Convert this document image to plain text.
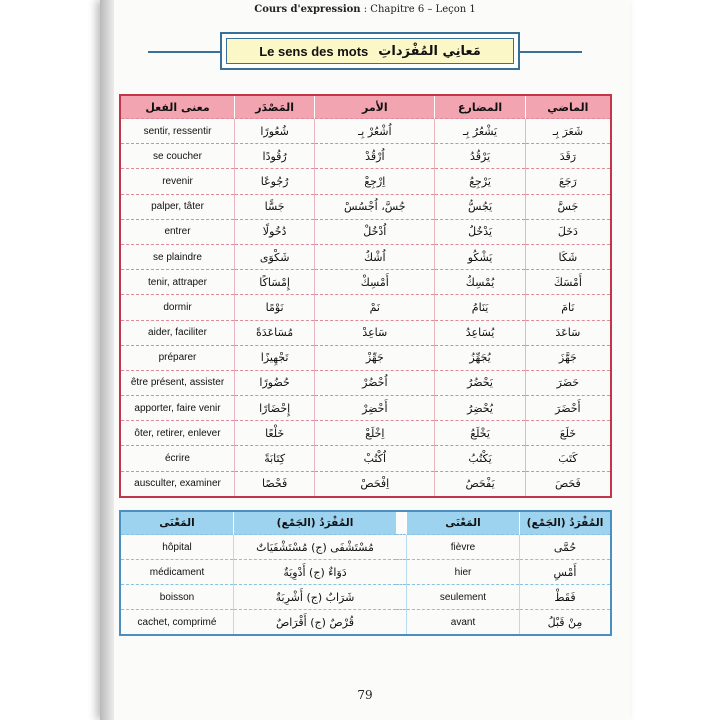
Cours d'expression : Chapitre 6 – Leçon 1
Le sens des mots مَعانِي المُفْرَداتِ
معنى الفعل	المَصْدَر	الأمر	المضارع	الماضي
sentir, ressentir	شُعُورًا	اُشْعُرْ بِـ	يَشْعُرُ بِـ	شَعَرَ بِـ
se coucher	رُقُودًا	اُرْقُدْ	يَرْقُدُ	رَقَدَ
revenir	رُجُوعًا	اِرْجِعْ	يَرْجِعُ	رَجَعَ
palper, tâter	جَسًّا	جُسَّ، اُجْسُسْ	يَجُسُّ	جَسَّ
entrer	دُخُولًا	اُدْخُلْ	يَدْخُلُ	دَخَلَ
se plaindre	شَكْوَى	اُشْكُ	يَشْكُو	شَكَا
tenir, attraper	إِمْسَاكًا	أَمْسِكْ	يُمْسِكُ	أَمْسَكَ
dormir	نَوْمًا	نَمْ	يَنَامُ	نَامَ
aider, faciliter	مُسَاعَدَةً	سَاعِدْ	يُسَاعِدُ	سَاعَدَ
préparer	تَجْهِيزًا	جَهِّزْ	يُجَهِّزُ	جَهَّزَ
être présent, assister	حُضُورًا	اُحْضُرْ	يَحْضُرُ	حَضَرَ
apporter, faire venir	إِحْضَارًا	أَحْضِرْ	يُحْضِرُ	أَحْضَرَ
ôter, retirer, enlever	خَلْعًا	اِخْلَعْ	يَخْلَعُ	خَلَعَ
écrire	كِتَابَةً	اُكْتُبْ	يَكْتُبُ	كَتَبَ
ausculter, examiner	فَحْصًا	اِفْحَصْ	يَفْحَصُ	فَحَصَ
المَعْنَى	المُفْرَدُ (الجَمْع)		المَعْنَى	المُفْرَدُ (الجَمْع)
hôpital	مُسْتَشْفَى (ج) مُسْتَشْفَيَاتٌ		fièvre	حُمَّى
médicament	دَوَاءٌ (ج) أَدْوِيَةٌ		hier	أَمْسِ
boisson	شَرَابٌ (ج) أَشْرِبَةٌ		seulement	فَقَطْ
cachet, comprimé	قُرْصٌ (ج) أَقْرَاصٌ		avant	مِنْ قَبْلُ
79
